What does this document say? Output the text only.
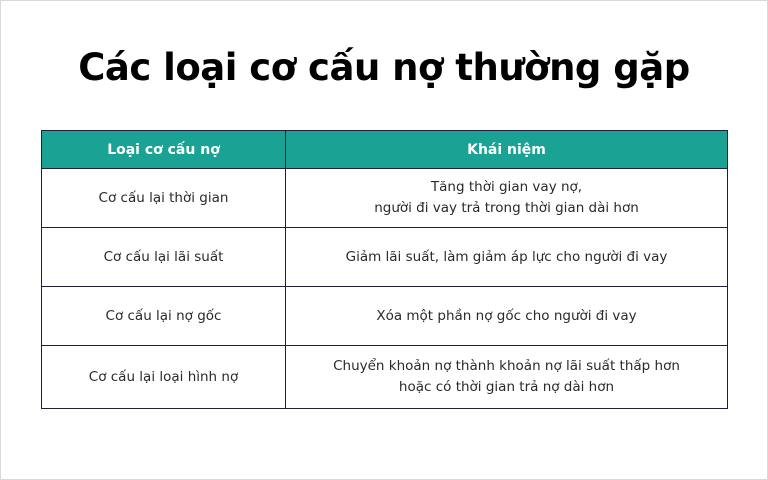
Các loại cơ cấu nợ thường gặp
Loại cơ cấu nợ	Khái niệm
Cơ cấu lại thời gian	Tăng thời gian vay nợ,
người đi vay trả trong thời gian dài hơn

Cơ cấu lại lãi suất	Giảm lãi suất, làm giảm áp lực cho người đi vay

Cơ cấu lại nợ gốc	Xóa một phần nợ gốc cho người đi vay

Cơ cấu lại loại hình nợ	Chuyển khoản nợ thành khoản nợ lãi suất thấp hơn
hoặc có thời gian trả nợ dài hơn
